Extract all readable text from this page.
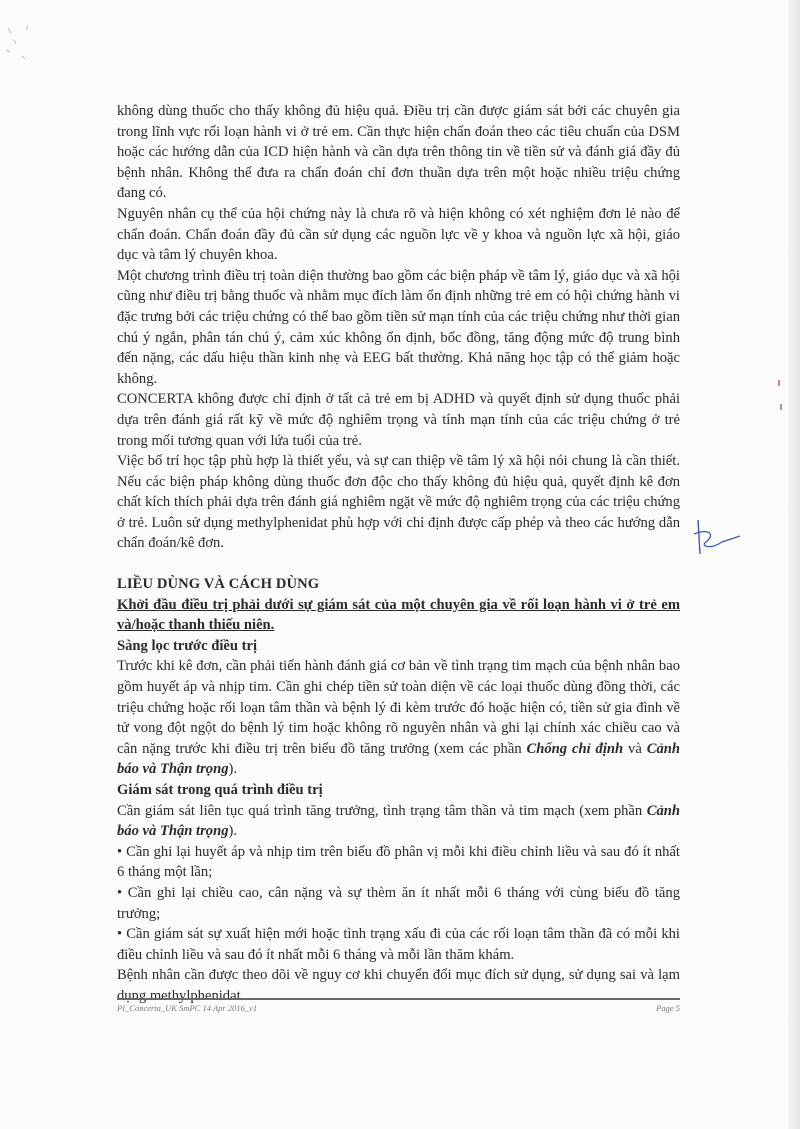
không dùng thuốc cho thấy không đủ hiệu quả. Điều trị cần được giám sát bởi các chuyên gia trong lĩnh vực rối loạn hành vi ở trẻ em. Cần thực hiện chẩn đoán theo các tiêu chuẩn của DSM hoặc các hướng dẫn của ICD hiện hành và cần dựa trên thông tin về tiền sử và đánh giá đầy đủ bệnh nhân. Không thể đưa ra chẩn đoán chỉ đơn thuần dựa trên một hoặc nhiều triệu chứng đang có.

Nguyên nhân cụ thể của hội chứng này là chưa rõ và hiện không có xét nghiệm đơn lẻ nào để chẩn đoán. Chẩn đoán đầy đủ cần sử dụng các nguồn lực về y khoa và nguồn lực xã hội, giáo dục và tâm lý chuyên khoa.

Một chương trình điều trị toàn diện thường bao gồm các biện pháp về tâm lý, giáo dục và xã hội cũng như điều trị bằng thuốc và nhằm mục đích làm ổn định những trẻ em có hội chứng hành vi đặc trưng bởi các triệu chứng có thể bao gồm tiền sử mạn tính của các triệu chứng như thời gian chú ý ngắn, phân tán chú ý, cảm xúc không ổn định, bốc đồng, tăng động mức độ trung bình đến nặng, các dấu hiệu thần kinh nhẹ và EEG bất thường. Khả năng học tập có thể giảm hoặc không.

CONCERTA không được chỉ định ở tất cả trẻ em bị ADHD và quyết định sử dụng thuốc phải dựa trên đánh giá rất kỹ về mức độ nghiêm trọng và tính mạn tính của các triệu chứng ở trẻ trong mối tương quan với lứa tuổi của trẻ.

Việc bố trí học tập phù hợp là thiết yếu, và sự can thiệp về tâm lý xã hội nói chung là cần thiết. Nếu các biện pháp không dùng thuốc đơn độc cho thấy không đủ hiệu quả, quyết định kê đơn chất kích thích phải dựa trên đánh giá nghiêm ngặt về mức độ nghiêm trọng của các triệu chứng ở trẻ. Luôn sử dụng methylphenidat phù hợp với chỉ định được cấp phép và theo các hướng dẫn chẩn đoán/kê đơn.

LIỀU DÙNG VÀ CÁCH DÙNG

Khởi đầu điều trị phải dưới sự giám sát của một chuyên gia về rối loạn hành vi ở trẻ em và/hoặc thanh thiếu niên.

Sàng lọc trước điều trị

Trước khi kê đơn, cần phải tiến hành đánh giá cơ bản về tình trạng tim mạch của bệnh nhân bao gồm huyết áp và nhịp tim. Cần ghi chép tiền sử toàn diện về các loại thuốc dùng đồng thời, các triệu chứng hoặc rối loạn tâm thần và bệnh lý đi kèm trước đó hoặc hiện có, tiền sử gia đình về tử vong đột ngột do bệnh lý tim hoặc không rõ nguyên nhân và ghi lại chính xác chiều cao và cân nặng trước khi điều trị trên biểu đồ tăng trưởng (xem các phần Chống chỉ định và Cảnh báo và Thận trọng).

Giám sát trong quá trình điều trị

Cần giám sát liên tục quá trình tăng trưởng, tình trạng tâm thần và tim mạch (xem phần Cảnh báo và Thận trọng).

• Cần ghi lại huyết áp và nhịp tim trên biểu đồ phân vị mỗi khi điều chỉnh liều và sau đó ít nhất 6 tháng một lần;

• Cần ghi lại chiều cao, cân nặng và sự thèm ăn ít nhất mỗi 6 tháng với cùng biểu đồ tăng trưởng;

• Cần giám sát sự xuất hiện mới hoặc tình trạng xấu đi của các rối loạn tâm thần đã có mỗi khi điều chỉnh liều và sau đó ít nhất mỗi 6 tháng và mỗi lần thăm khám.

Bệnh nhân cần được theo dõi về nguy cơ khi chuyển đổi mục đích sử dụng, sử dụng sai và lạm dụng methylphenidat.

PI_Concerta_UK SmPC 14 Apr 2016_v1	Page 5
